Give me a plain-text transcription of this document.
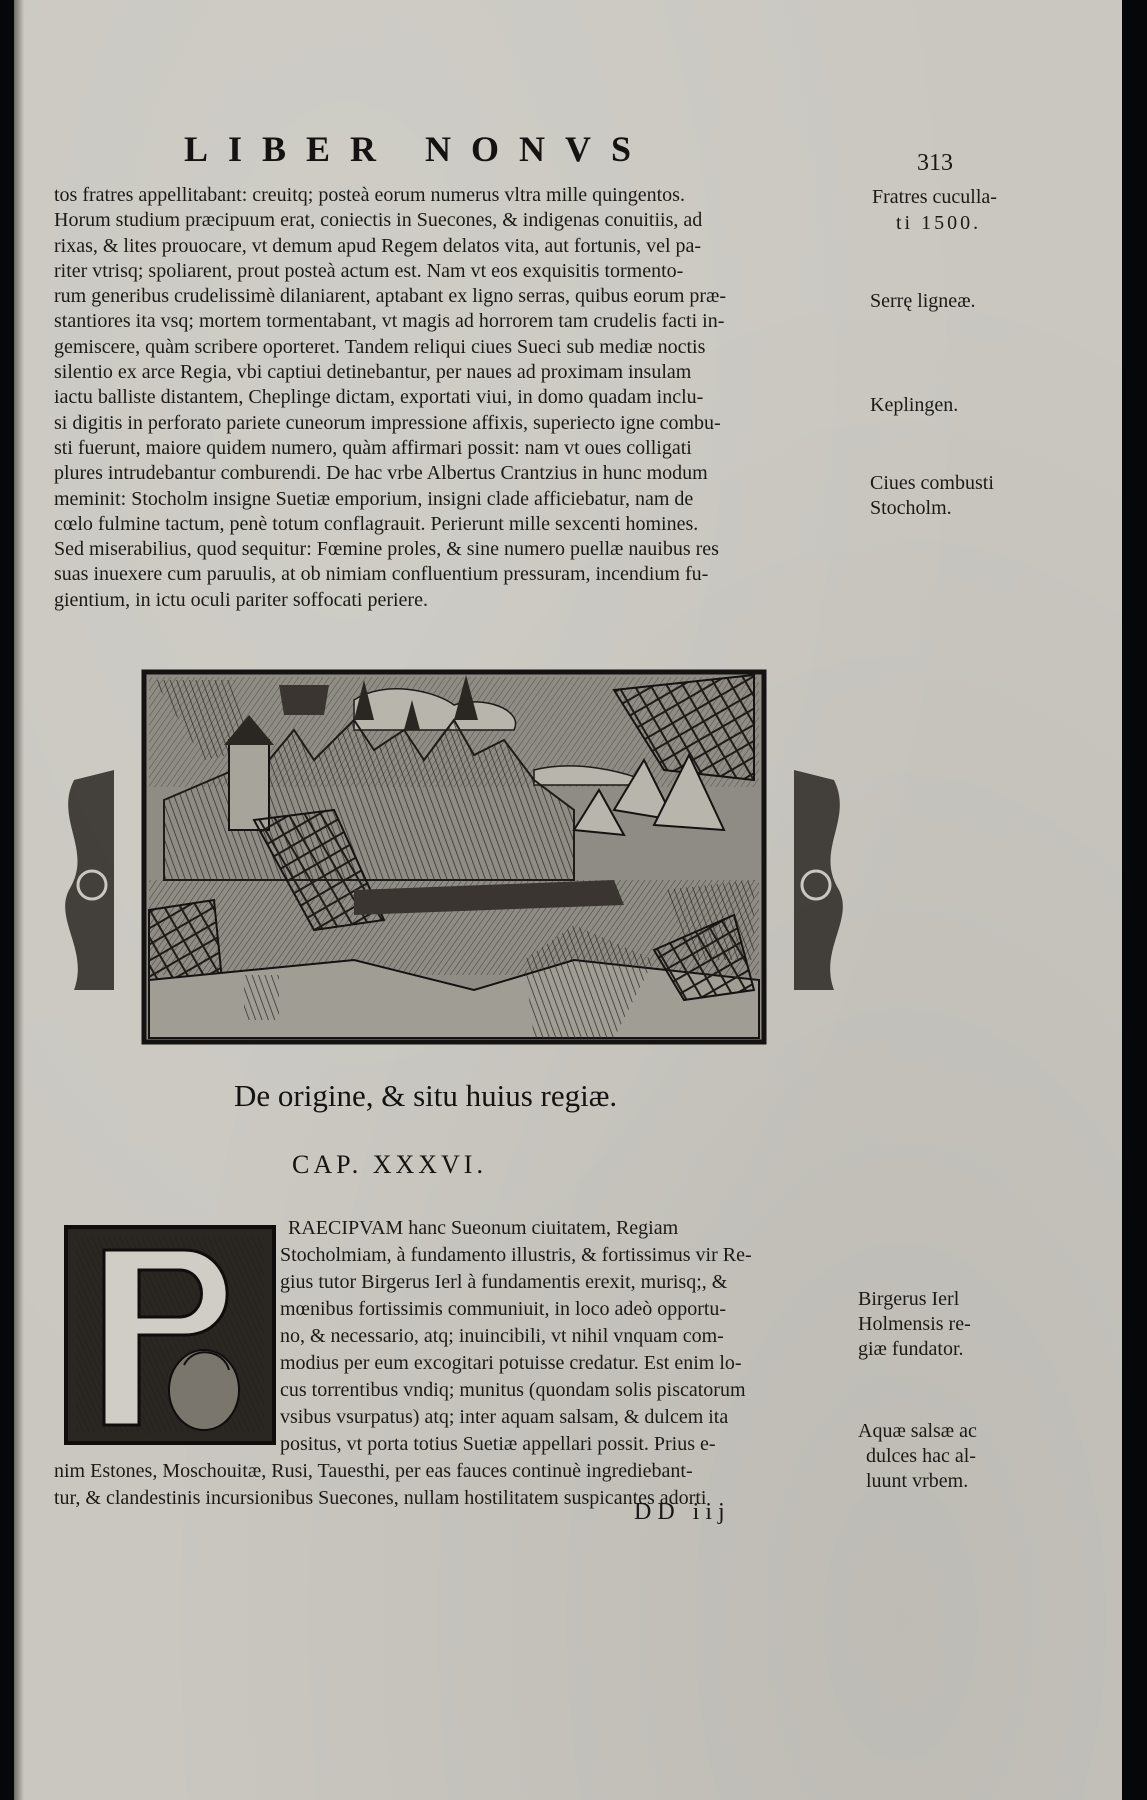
LIBER NONVS	313
tos fratres appellitabant: creuitq; posteà eorum numerus vltra mille quingentos.
Horum studium præcipuum erat, coniectis in Suecones, & indigenas conuitiis, ad
rixas, & lites prouocare, vt demum apud Regem delatos vita, aut fortunis, vel pa-
riter vtrisq; spoliarent, prout posteà actum est. Nam vt eos exquisitis tormento-
rum generibus crudelissimè dilaniarent, aptabant ex ligno serras, quibus eorum præ-
stantiores ita vsq; mortem tormentabant, vt magis ad horrorem tam crudelis facti in-
gemiscere, quàm scribere oporteret. Tandem reliqui ciues Sueci sub mediæ noctis
silentio ex arce Regia, vbi captiui detinebantur, per naues ad proximam insulam
iactu balliste distantem, Cheplinge dictam, exportati viui, in domo quadam inclu-
si digitis in perforato pariete cuneorum impressione affixis, superiecto igne combu-
sti fuerunt, maiore quidem numero, quàm affirmari possit: nam vt oues colligati
plures intrudebantur comburendi. De hac vrbe Albertus Crantzius in hunc modum
meminit: Stocholm insigne Suetiæ emporium, insigni clade afficiebatur, nam de
cœlo fulmine tactum, penè totum conflagrauit. Perierunt mille sexcenti homines.
Sed miserabilius, quod sequitur: Fœmine proles, & sine numero puellæ nauibus res
suas inuexere cum paruulis, at ob nimiam confluentium pressuram, incendium fu-
gientium, in ictu oculi pariter soffocati periere.
Fratres cuculla-
ti 1500.
Serrę ligneæ.
Keplingen.
Ciues combusti
Stocholm.
De origine, & situ huius regiæ.
CAP. XXXVI.
RAECIPVAM hanc Sueonum ciuitatem, Regiam
Stocholmiam, à fundamento illustris, & fortissimus vir Re-
gius tutor Birgerus Ierl à fundamentis erexit, murisq;, &
mœnibus fortissimis communiuit, in loco adeò opportu-
no, & necessario, atq; inuincibili, vt nihil vnquam com-
modius per eum excogitari potuisse credatur. Est enim lo-
cus torrentibus vndiq; munitus (quondam solis piscatorum
vsibus vsurpatus) atq; inter aquam salsam, & dulcem ita
positus, vt porta totius Suetiæ appellari possit. Prius e-
nim Estones, Moschouitæ, Rusi, Tauesthi, per eas fauces continuè ingrediebant-
tur, & clandestinis incursionibus Suecones, nullam hostilitatem suspicantes adorti
Birgerus Ierl
Holmensis re-
giæ fundator.
Aquæ salsæ ac
dulces hac al-
luunt vrbem.
DD iij
